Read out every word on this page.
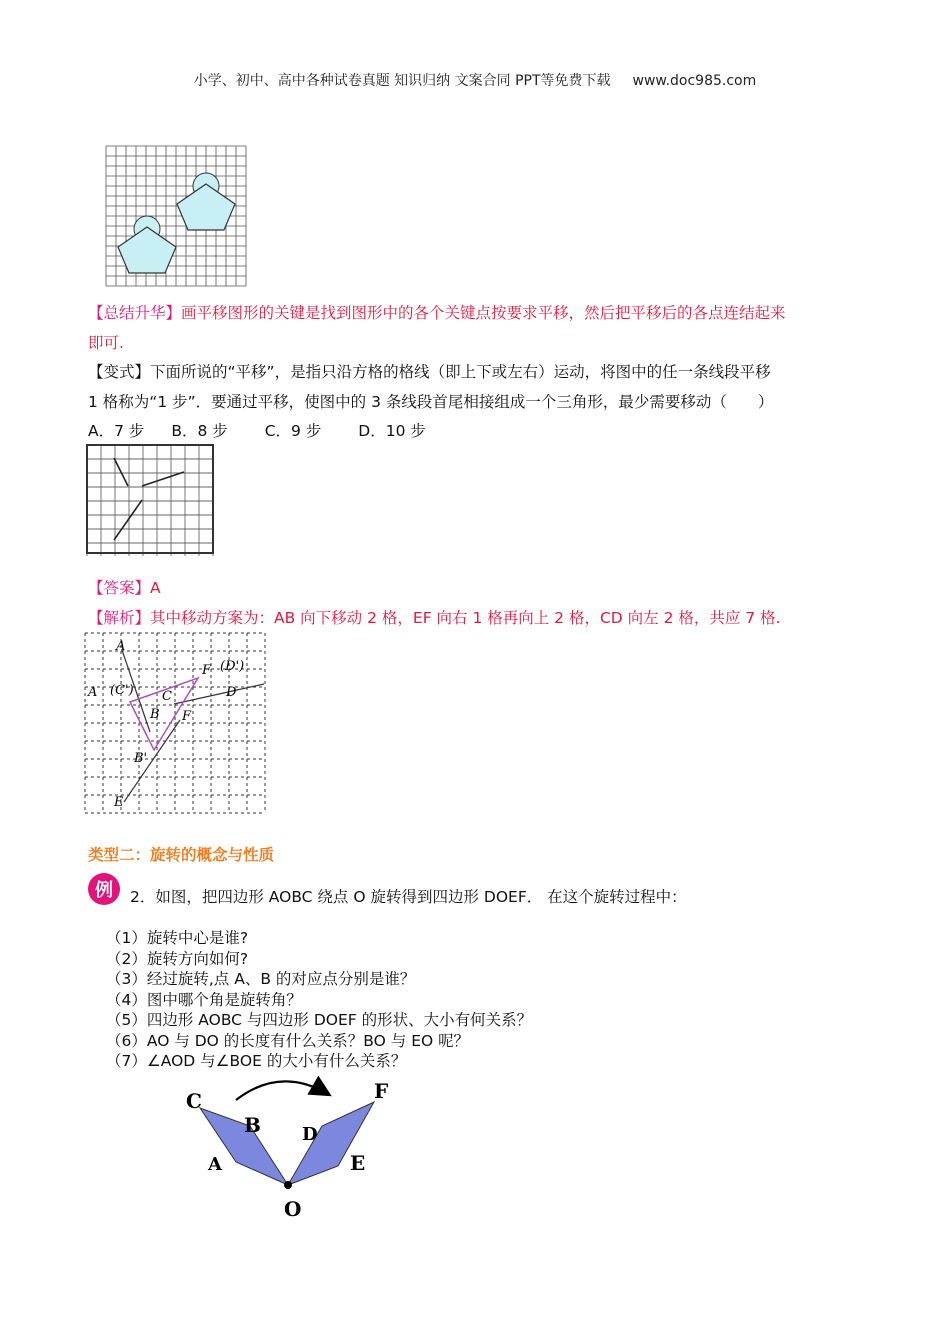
小学、初中、高中各种试卷真题 知识归纳 文案合同 PPT等免费下载 www.doc985.com
【总结升华】画平移图形的关键是找到图形中的各个关键点按要求平移，然后把平移后的各点连结起来
即可.
【变式】下面所说的“平移”，是指只沿方格的格线（即上下或左右）运动，将图中的任一条线段平移
1 格称为“1 步”．要通过平移，使图中的 3 条线段首尾相接组成一个三角形，最少需要移动（　　）
A．7 步 B．8 步 C．9 步 D．10 步
【答案】A
【解析】其中移动方案为：AB 向下移动 2 格，EF 向右 1 格再向上 2 格，CD 向左 2 格，共应 7 格.
A
A (C') C
B
F (D')
D
F
B'
E
类型二：旋转的概念与性质
例 2．如图，把四边形 AOBC 绕点 O 旋转得到四边形 DOEF． 在这个旋转过程中：
（1）旋转中心是谁?
（2）旋转方向如何?
（3）经过旋转,点 A、B 的对应点分别是谁？
（4）图中哪个角是旋转角？
（5）四边形 AOBC 与四边形 DOEF 的形状、大小有何关系？
（6）AO 与 DO 的长度有什么关系？BO 与 EO 呢？
（7）∠AOD 与∠BOE 的大小有什么关系？
C
B
A
D
F
E
O
